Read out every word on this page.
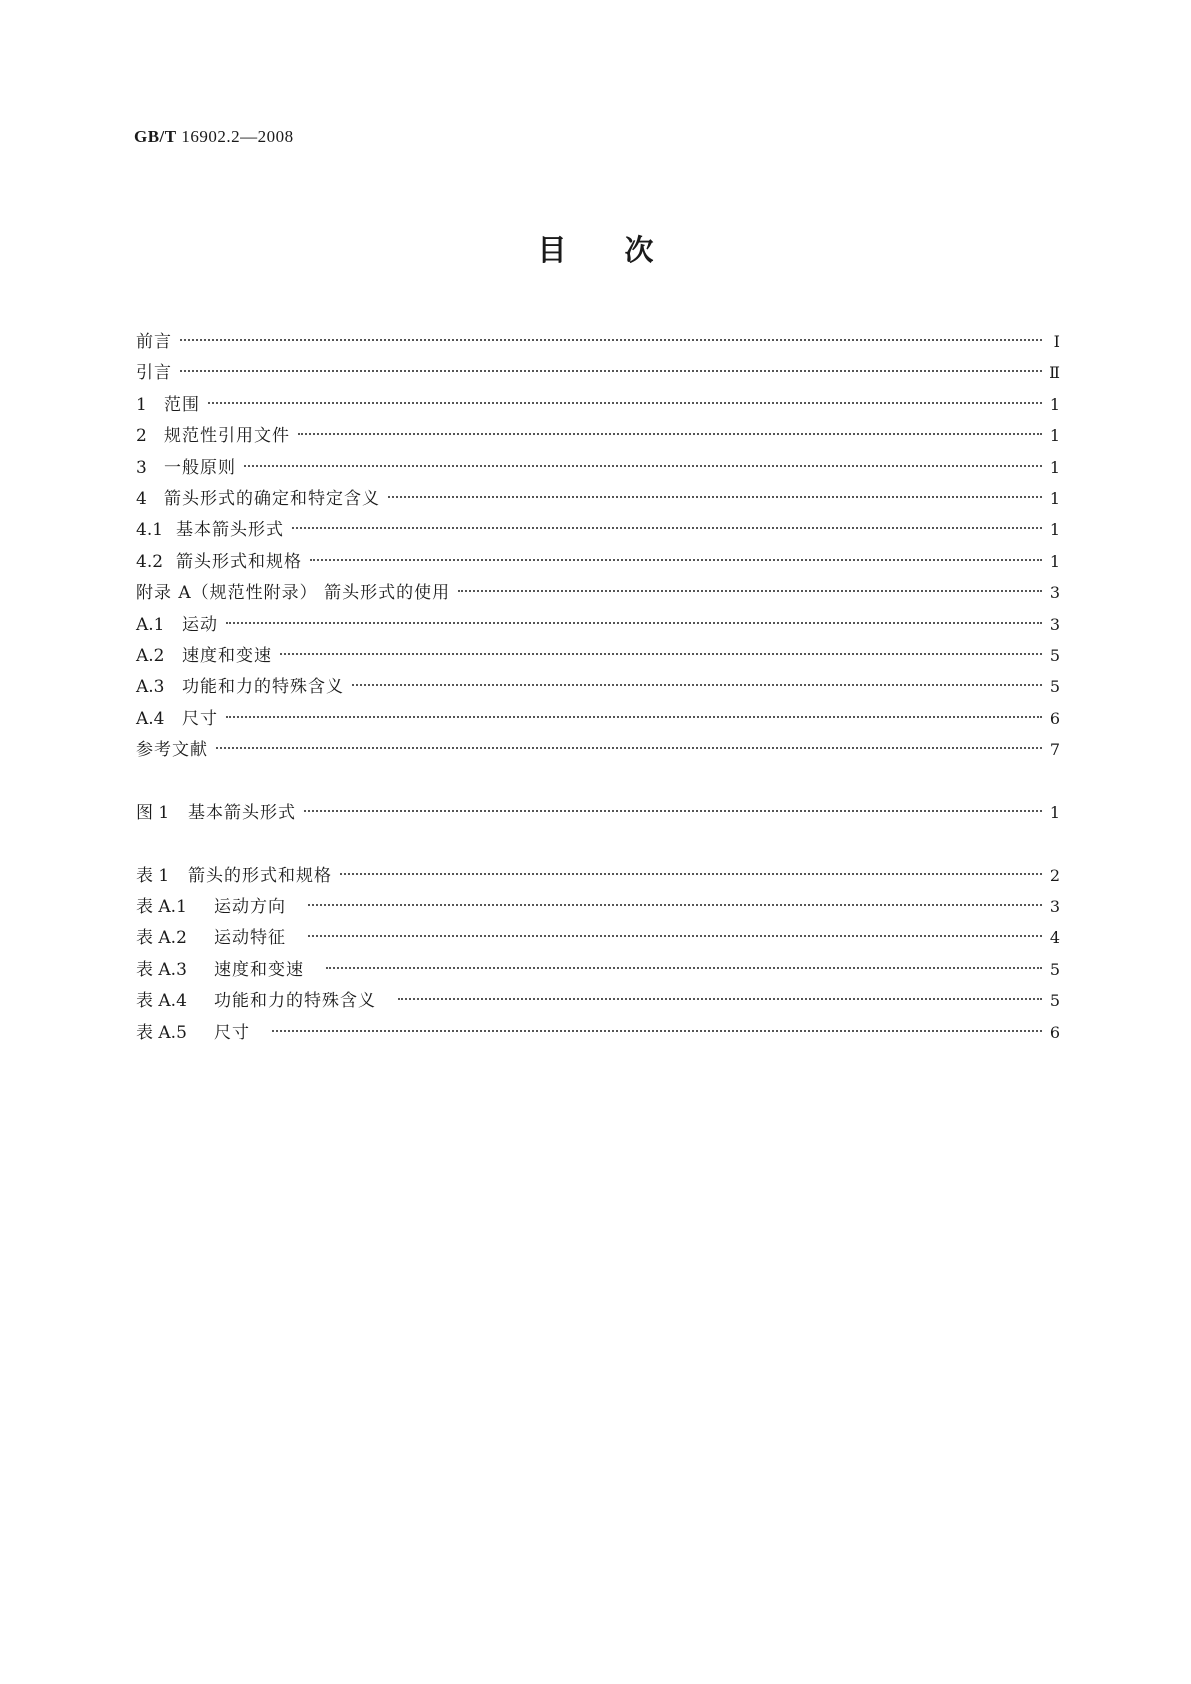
GB/T 16902.2—2008
目 次
前言	Ⅰ
引言	Ⅱ
1	范围	1
2	规范性引用文件	1
3	一般原则	1
4	箭头形式的确定和特定含义	1
4.1 基本箭头形式	1
4.2 箭头形式和规格	1
附录 A（规范性附录） 箭头形式的使用	3
A.1	运动	3
A.2	速度和变速	5
A.3	功能和力的特殊含义	5
A.4	尺寸	6
参考文献	7
图 1	基本箭头形式	1
表 1	箭头的形式和规格	2
表 A.1	运动方向	3
表 A.2	运动特征	4
表 A.3	速度和变速	5
表 A.4	功能和力的特殊含义	5
表 A.5	尺寸	6
